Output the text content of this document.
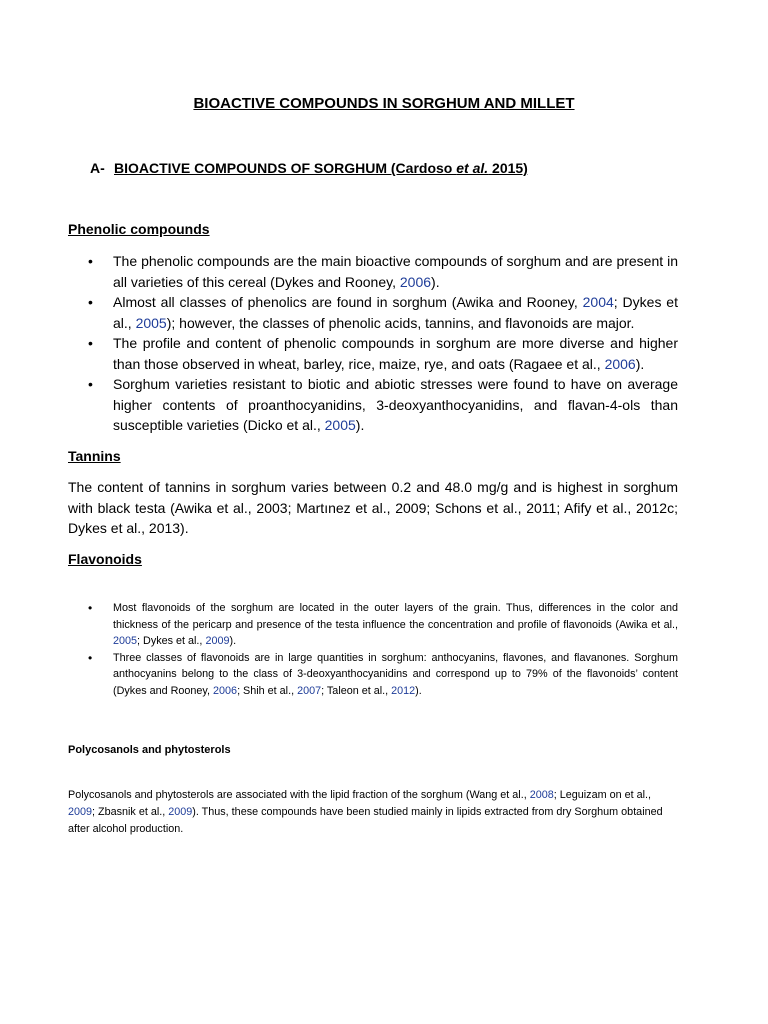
BIOACTIVE COMPOUNDS IN SORGHUM AND MILLET
A- BIOACTIVE COMPOUNDS OF SORGHUM (Cardoso et al. 2015)
Phenolic compounds
• The phenolic compounds are the main bioactive compounds of sorghum and are present in all varieties of this cereal (Dykes and Rooney, 2006).
• Almost all classes of phenolics are found in sorghum (Awika and Rooney, 2004; Dykes et al., 2005); however, the classes of phenolic acids, tannins, and flavonoids are major.
• The profile and content of phenolic compounds in sorghum are more diverse and higher than those observed in wheat, barley, rice, maize, rye, and oats (Ragaee et al., 2006).
• Sorghum varieties resistant to biotic and abiotic stresses were found to have on average higher contents of proanthocyanidins, 3-deoxyanthocyanidins, and flavan-4-ols than susceptible varieties (Dicko et al., 2005).
Tannins
The content of tannins in sorghum varies between 0.2 and 48.0 mg/g and is highest in sorghum with black testa (Awika et al., 2003; Martınez et al., 2009; Schons et al., 2011; Afify et al., 2012c; Dykes et al., 2013).
Flavonoids
• Most flavonoids of the sorghum are located in the outer layers of the grain. Thus, differences in the color and thickness of the pericarp and presence of the testa influence the concentration and profile of flavonoids (Awika et al., 2005; Dykes et al., 2009).
• Three classes of flavonoids are in large quantities in sorghum: anthocyanins, flavones, and flavanones. Sorghum anthocyanins belong to the class of 3-deoxyanthocyanidins and correspond up to 79% of the flavonoids’ content (Dykes and Rooney, 2006; Shih et al., 2007; Taleon et al., 2012).
Polycosanols and phytosterols
Polycosanols and phytosterols are associated with the lipid fraction of the sorghum (Wang et al., 2008; Leguizam on et al., 2009; Zbasnik et al., 2009). Thus, these compounds have been studied mainly in lipids extracted from dry Sorghum obtained after alcohol production.
